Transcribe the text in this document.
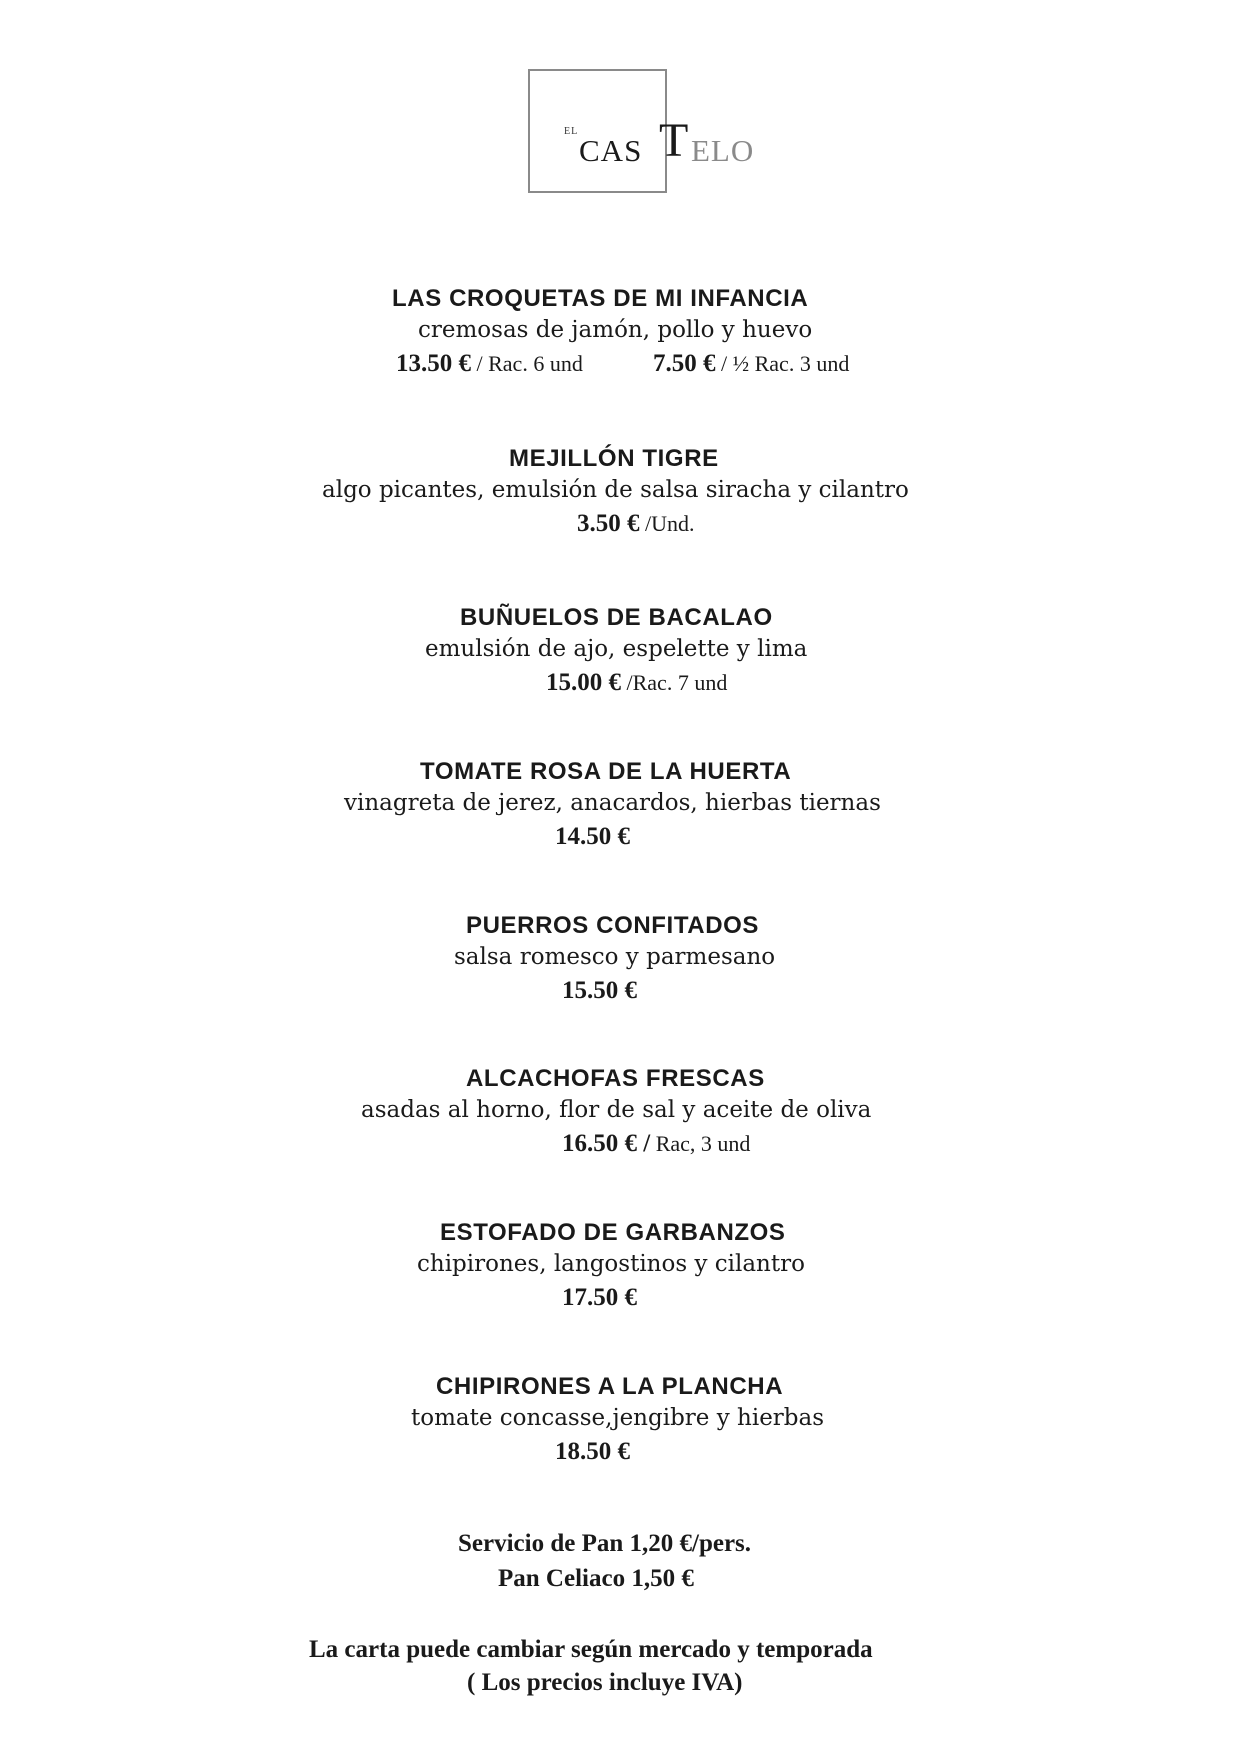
EL
CAS T ELO
LAS CROQUETAS DE MI INFANCIA
cremosas de jamón, pollo y huevo
13.50 € / Rac. 6 und	7.50 € / ½ Rac. 3 und
MEJILLÓN TIGRE
algo picantes, emulsión de salsa siracha y cilantro
3.50 € /Und.
BUÑUELOS DE BACALAO
emulsión de ajo, espelette y lima
15.00 € /Rac. 7 und
TOMATE ROSA DE LA HUERTA
vinagreta de jerez, anacardos, hierbas tiernas
14.50 €
PUERROS CONFITADOS
salsa romesco y parmesano
15.50 €
ALCACHOFAS FRESCAS
asadas al horno, flor de sal y aceite de oliva
16.50 € / Rac, 3 und
ESTOFADO DE GARBANZOS
chipirones, langostinos y cilantro
17.50 €
CHIPIRONES A LA PLANCHA
tomate concasse,jengibre y hierbas
18.50 €
Servicio de Pan 1,20 €/pers.
Pan Celiaco 1,50 €
La carta puede cambiar según mercado y temporada
( Los precios incluye IVA)
